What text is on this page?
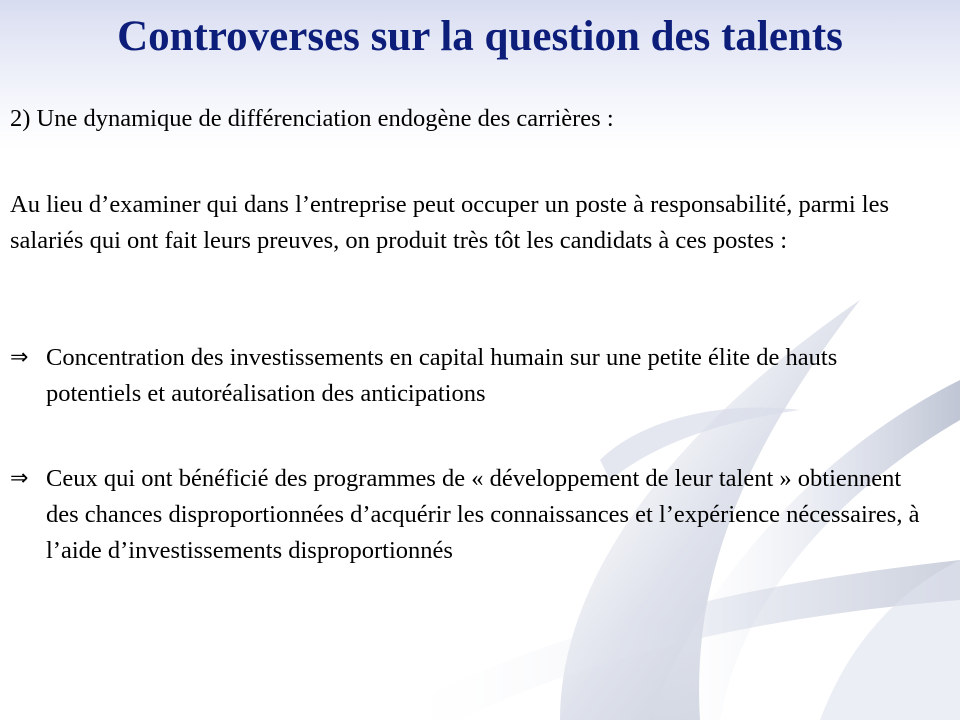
Controverses sur la question des talents

2) Une dynamique de différenciation endogène des carrières :

Au lieu d’examiner qui dans l’entreprise peut occuper un poste à responsabilité, parmi les salariés qui ont fait leurs preuves, on produit très tôt les candidats à ces postes :

⇒ Concentration des investissements en capital humain sur une petite élite de hauts potentiels et autoréalisation des anticipations
⇒ Ceux qui ont bénéficié des programmes de « développement de leur talent » obtiennent des chances disproportionnées d’acquérir les connaissances et l’expérience nécessaires, à l’aide d’investissements disproportionnés
